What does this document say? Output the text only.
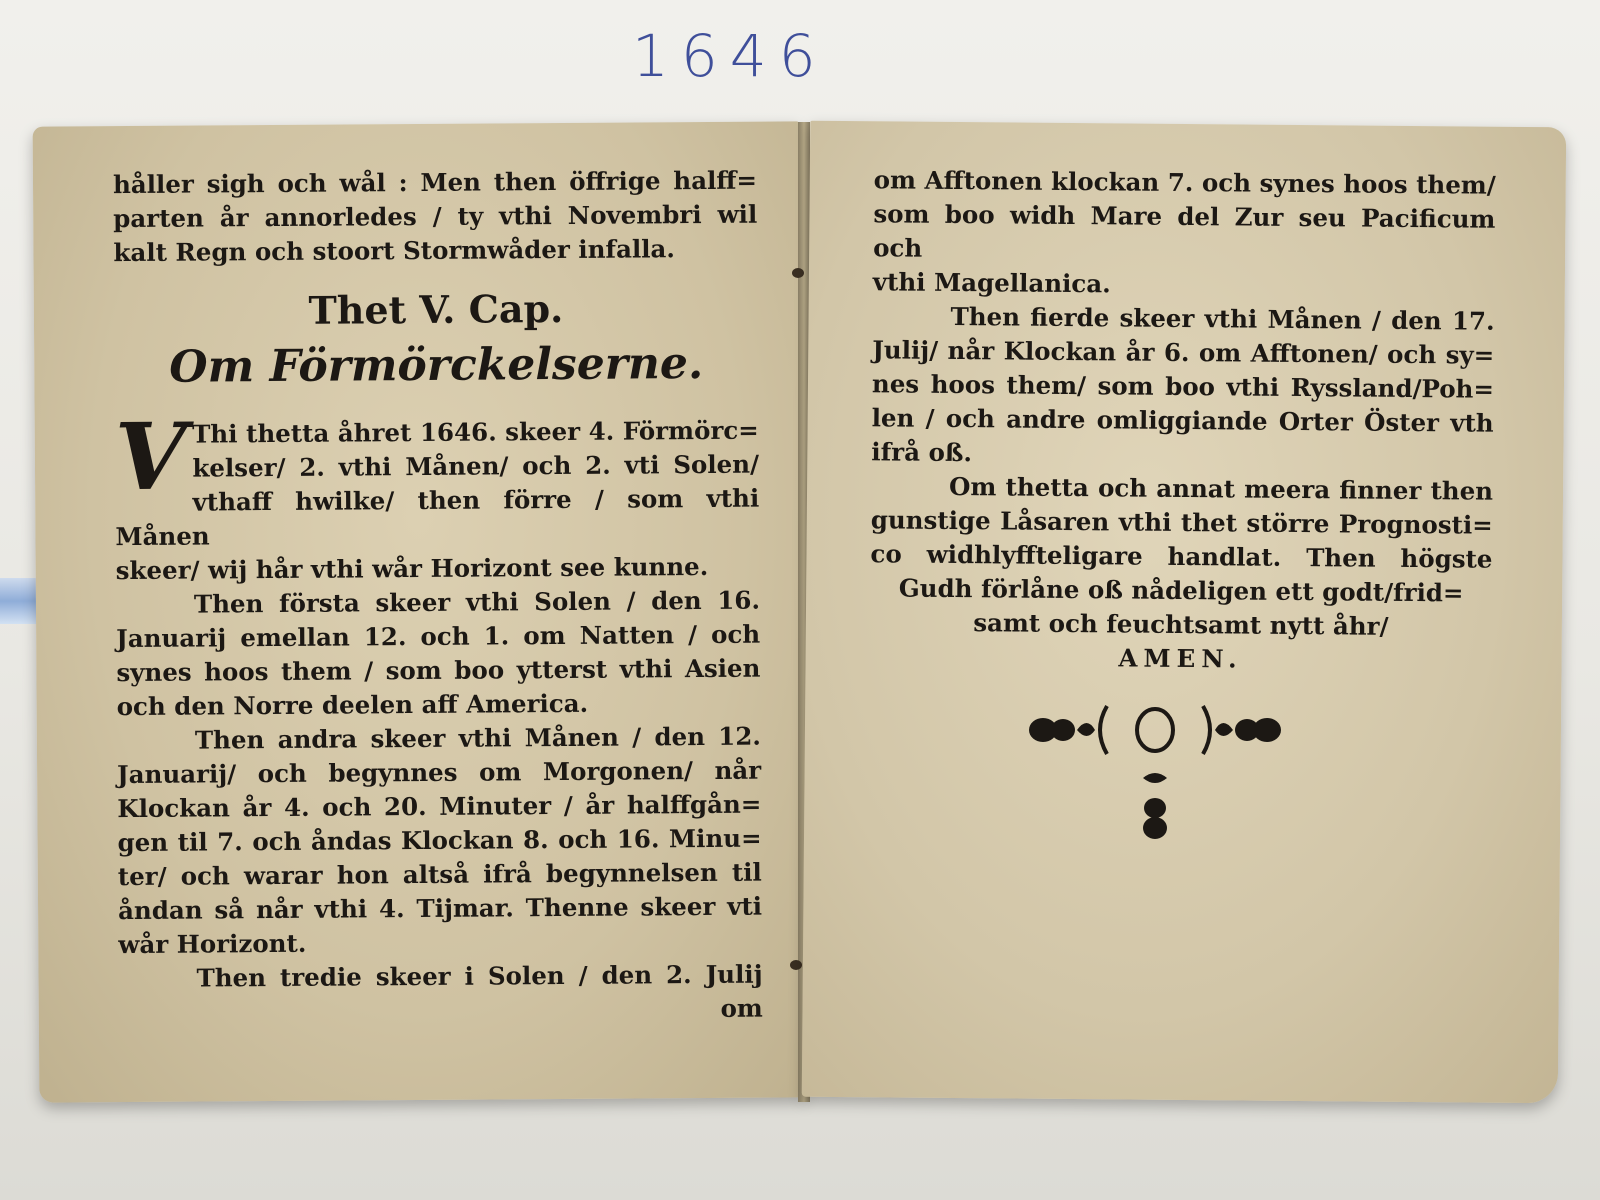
1646

håller sigh och wål : Men then öffrige halff=

parten år annorledes / ty vthi Novembri wil

kalt Regn och stoort Stormwåder infalla.

Thet V. Cap.
Om Förmörckelserne.
V Thi thetta åhret 1646. skeer 4. Förmörc=

kelser/ 2. vthi Månen/ och 2. vti Solen/

vthaff hwilke/ then förre / som vthi Månen

skeer/ wij hår vthi wår Horizont see kunne.

Then första skeer vthi Solen / den 16.

Januarij emellan 12. och 1. om Natten / och

synes hoos them / som boo ytterst vthi Asien

och den Norre deelen aff America.

Then andra skeer vthi Månen / den 12.

Januarij/ och begynnes om Morgonen/ når

Klockan år 4. och 20. Minuter / år halffgån=

gen til 7. och åndas Klockan 8. och 16. Minu=

ter/ och warar hon altså ifrå begynnelsen til

åndan så når vthi 4. Tijmar. Thenne skeer vti

wår Horizont.

Then tredie skeer i Solen / den 2. Julij

om

om Afftonen klockan 7. och synes hoos them/

som boo widh Mare del Zur seu Pacificum och

vthi Magellanica.

Then fierde skeer vthi Månen / den 17.

Julij/ når Klockan år 6. om Afftonen/ och sy=

nes hoos them/ som boo vthi Ryssland/Poh=

len / och andre omliggiande Orter Öster vth

ifrå oß.

Om thetta och annat meera finner then

gunstige Låsaren vthi thet större Prognosti=

co widhlyffteligare handlat. Then högste

Gudh förlåne oß nådeligen ett godt/frid=

samt och feuchtsamt nytt åhr/

AMEN.
